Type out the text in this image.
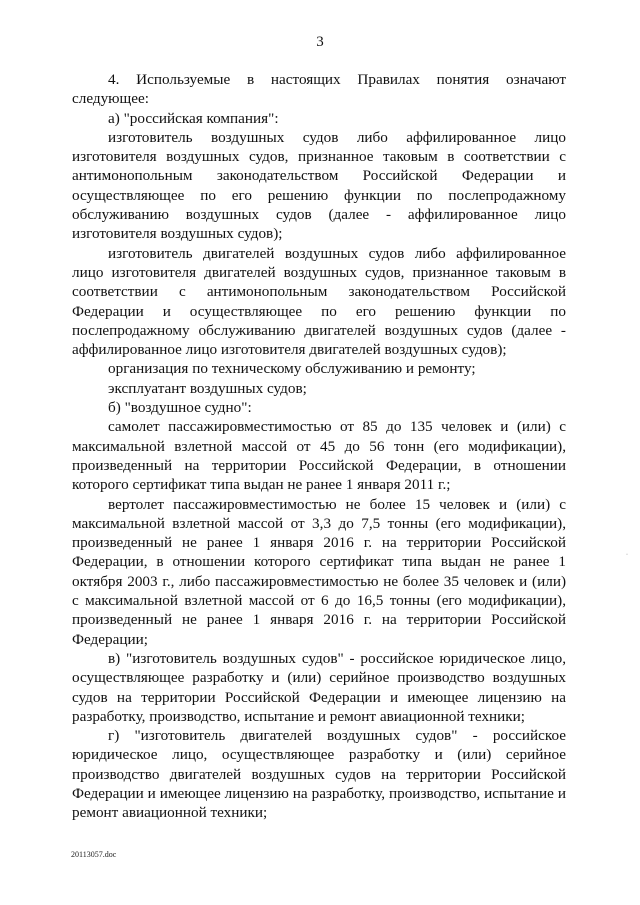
3

4. Используемые в настоящих Правилах понятия означают следующее:

а) "российская компания":

изготовитель воздушных судов либо аффилированное лицо изготовителя воздушных судов, признанное таковым в соответствии с антимонопольным законодательством Российской Федерации и осуществляющее по его решению функции по послепродажному обслуживанию воздушных судов (далее - аффилированное лицо изготовителя воздушных судов);

изготовитель двигателей воздушных судов либо аффилированное лицо изготовителя двигателей воздушных судов, признанное таковым в соответствии с антимонопольным законодательством Российской Федерации и осуществляющее по его решению функции по послепродажному обслуживанию двигателей воздушных судов (далее - аффилированное лицо изготовителя двигателей воздушных судов);

организация по техническому обслуживанию и ремонту;

эксплуатант воздушных судов;

б) "воздушное судно":

самолет пассажировместимостью от 85 до 135 человек и (или) с максимальной взлетной массой от 45 до 56 тонн (его модификации), произведенный на территории Российской Федерации, в отношении которого сертификат типа выдан не ранее 1 января 2011 г.;

вертолет пассажировместимостью не более 15 человек и (или) с максимальной взлетной массой от 3,3 до 7,5 тонны (его модификации), произведенный не ранее 1 января 2016 г. на территории Российской Федерации, в отношении которого сертификат типа выдан не ранее 1 октября 2003 г., либо пассажировместимостью не более 35 человек и (или) с максимальной взлетной массой от 6 до 16,5 тонны (его модификации), произведенный не ранее 1 января 2016 г. на территории Российской Федерации;

в) "изготовитель воздушных судов" - российское юридическое лицо, осуществляющее разработку и (или) серийное производство воздушных судов на территории Российской Федерации и имеющее лицензию на разработку, производство, испытание и ремонт авиационной техники;

г) "изготовитель двигателей воздушных судов" - российское юридическое лицо, осуществляющее разработку и (или) серийное производство двигателей воздушных судов на территории Российской Федерации и имеющее лицензию на разработку, производство, испытание и ремонт авиационной техники;

·
20113057.doc
